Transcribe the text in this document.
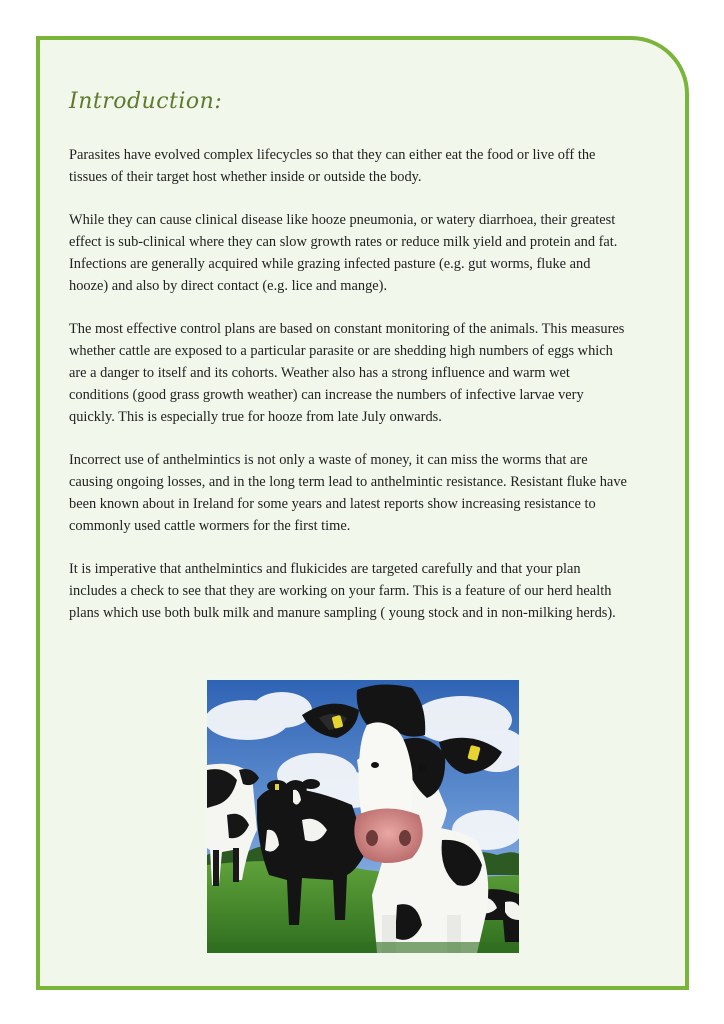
Introduction:

Parasites have evolved complex lifecycles so that they can either eat the food or live off the tissues of their target host whether inside or outside the body.

While they can cause clinical disease like hooze pneumonia, or watery diarrhoea, their greatest effect is sub-clinical where they can slow growth rates or reduce milk yield and protein and fat. Infections are generally acquired while grazing infected pasture (e.g. gut worms, fluke and hooze) and also by direct contact (e.g. lice and mange).

The most effective control plans are based on constant monitoring of the animals. This measures whether cattle are exposed to a particular parasite or are shedding high numbers of eggs which are a danger to itself and its cohorts. Weather also has a strong influence and warm wet conditions (good grass growth weather) can increase the numbers of infective larvae very quickly. This is especially true for hooze from late July onwards.

Incorrect use of anthelmintics is not only a waste of money, it can miss the worms that are causing ongoing losses, and in the long term lead to anthelmintic resistance. Resistant fluke have been known about in Ireland for some years and latest reports show increasing resistance to commonly used cattle wormers for the first time.

It is imperative that anthelmintics and flukicides are targeted carefully and that your plan includes a check to see that they are working on your farm. This is a feature of our herd health plans which use both bulk milk and manure sampling ( young stock and in non-milking herds).
